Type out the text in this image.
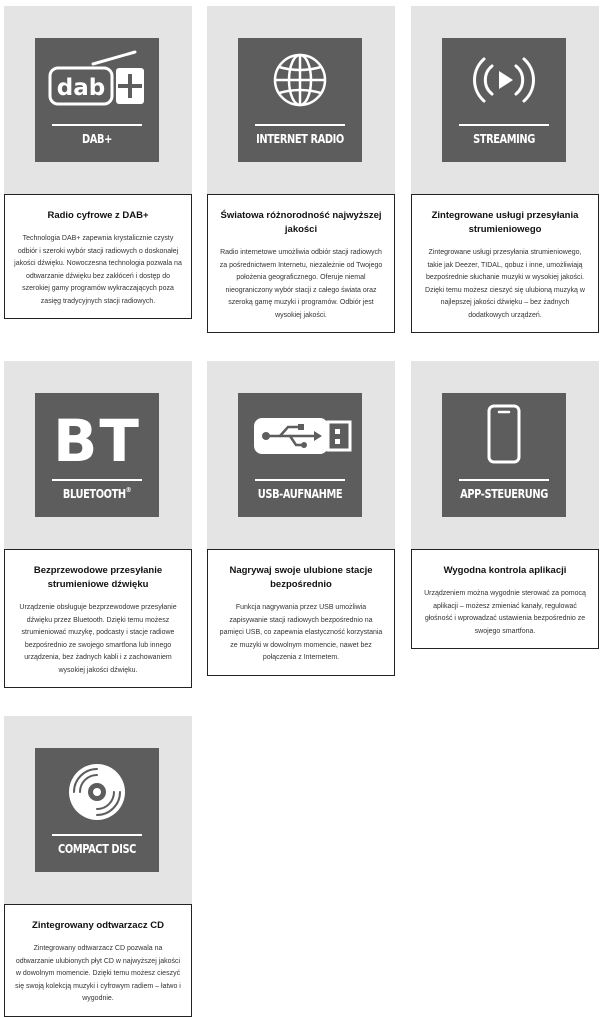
dab
DAB+
Radio cyfrowe z DAB+
Technologia DAB+ zapewnia krystalicznie czysty odbiór i szeroki wybór stacji radiowych o doskonałej jakości dźwięku. Nowoczesna technologia pozwala na odtwarzanie dźwięku bez zakłóceń i dostęp do szerokiej gamy programów wykraczających poza zasięg tradycyjnych stacji radiowych.
INTERNET RADIO
Światowa różnorodność najwyższej jakości
Radio internetowe umożliwia odbiór stacji radiowych za pośrednictwem Internetu, niezależnie od Twojego położenia geograficznego. Oferuje niemal nieograniczony wybór stacji z całego świata oraz szeroką gamę muzyki i programów. Odbiór jest wysokiej jakości.
STREAMING
Zintegrowane usługi przesyłania strumieniowego
Zintegrowane usługi przesyłania strumieniowego, takie jak Deezer, TIDAL, qobuz i inne, umożliwiają bezpośrednie słuchanie muzyki w wysokiej jakości. Dzięki temu możesz cieszyć się ulubioną muzyką w najlepszej jakości dźwięku – bez żadnych dodatkowych urządzeń.
BT
BLUETOOTH®
Bezprzewodowe przesyłanie strumieniowe dźwięku
Urządzenie obsługuje bezprzewodowe przesyłanie dźwięku przez Bluetooth. Dzięki temu możesz strumieniować muzykę, podcasty i stacje radiowe bezpośrednio ze swojego smartfona lub innego urządzenia, bez żadnych kabli i z zachowaniem wysokiej jakości dźwięku.
USB-AUFNAHME
Nagrywaj swoje ulubione stacje bezpośrednio
Funkcja nagrywania przez USB umożliwia zapisywanie stacji radiowych bezpośrednio na pamięci USB, co zapewnia elastyczność korzystania ze muzyki w dowolnym momencie, nawet bez połączenia z Internetem.
APP-STEUERUNG
Wygodna kontrola aplikacji
Urządzeniem można wygodnie sterować za pomocą aplikacji – możesz zmieniać kanały, regulować głośność i wprowadzać ustawienia bezpośrednio ze swojego smartfona.
COMPACT DISC
Zintegrowany odtwarzacz CD
Zintegrowany odtwarzacz CD pozwala na odtwarzanie ulubionych płyt CD w najwyższej jakości w dowolnym momencie. Dzięki temu możesz cieszyć się swoją kolekcją muzyki i cyfrowym radiem – łatwo i wygodnie.
